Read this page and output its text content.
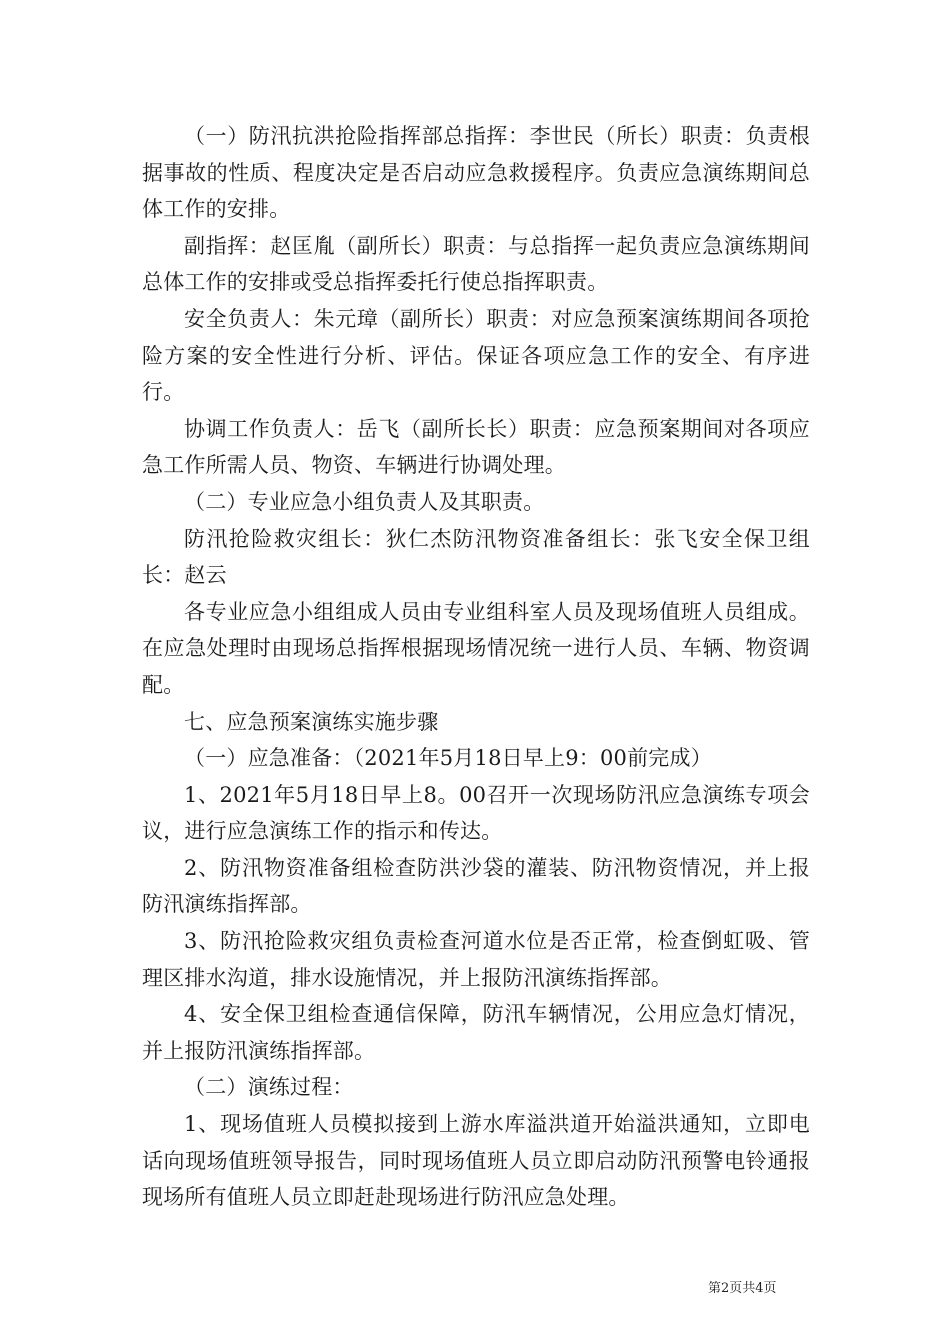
（一）防汛抗洪抢险指挥部总指挥：李世民（所长）职责：负责根据事故的性质、程度决定是否启动应急救援程序。负责应急演练期间总体工作的安排。

副指挥：赵匡胤（副所长）职责：与总指挥一起负责应急演练期间总体工作的安排或受总指挥委托行使总指挥职责。

安全负责人：朱元璋（副所长）职责：对应急预案演练期间各项抢险方案的安全性进行分析、评估。保证各项应急工作的安全、有序进行。

协调工作负责人：岳飞（副所长长）职责：应急预案期间对各项应急工作所需人员、物资、车辆进行协调处理。

（二）专业应急小组负责人及其职责。

防汛抢险救灾组长：狄仁杰防汛物资准备组长：张飞安全保卫组长：赵云

各专业应急小组组成人员由专业组科室人员及现场值班人员组成。在应急处理时由现场总指挥根据现场情况统一进行人员、车辆、物资调配。

七、应急预案演练实施步骤

（一）应急准备：（2021年5月18日早上9：00前完成）

1、2021年5月18日早上8。00召开一次现场防汛应急演练专项会议，进行应急演练工作的指示和传达。

2、防汛物资准备组检查防洪沙袋的灌装、防汛物资情况，并上报防汛演练指挥部。

3、防汛抢险救灾组负责检查河道水位是否正常，检查倒虹吸、管理区排水沟道，排水设施情况，并上报防汛演练指挥部。

4、安全保卫组检查通信保障，防汛车辆情况，公用应急灯情况，并上报防汛演练指挥部。

（二）演练过程：

1、现场值班人员模拟接到上游水库溢洪道开始溢洪通知，立即电话向现场值班领导报告，同时现场值班人员立即启动防汛预警电铃通报现场所有值班人员立即赶赴现场进行防汛应急处理。

第2页共4页
